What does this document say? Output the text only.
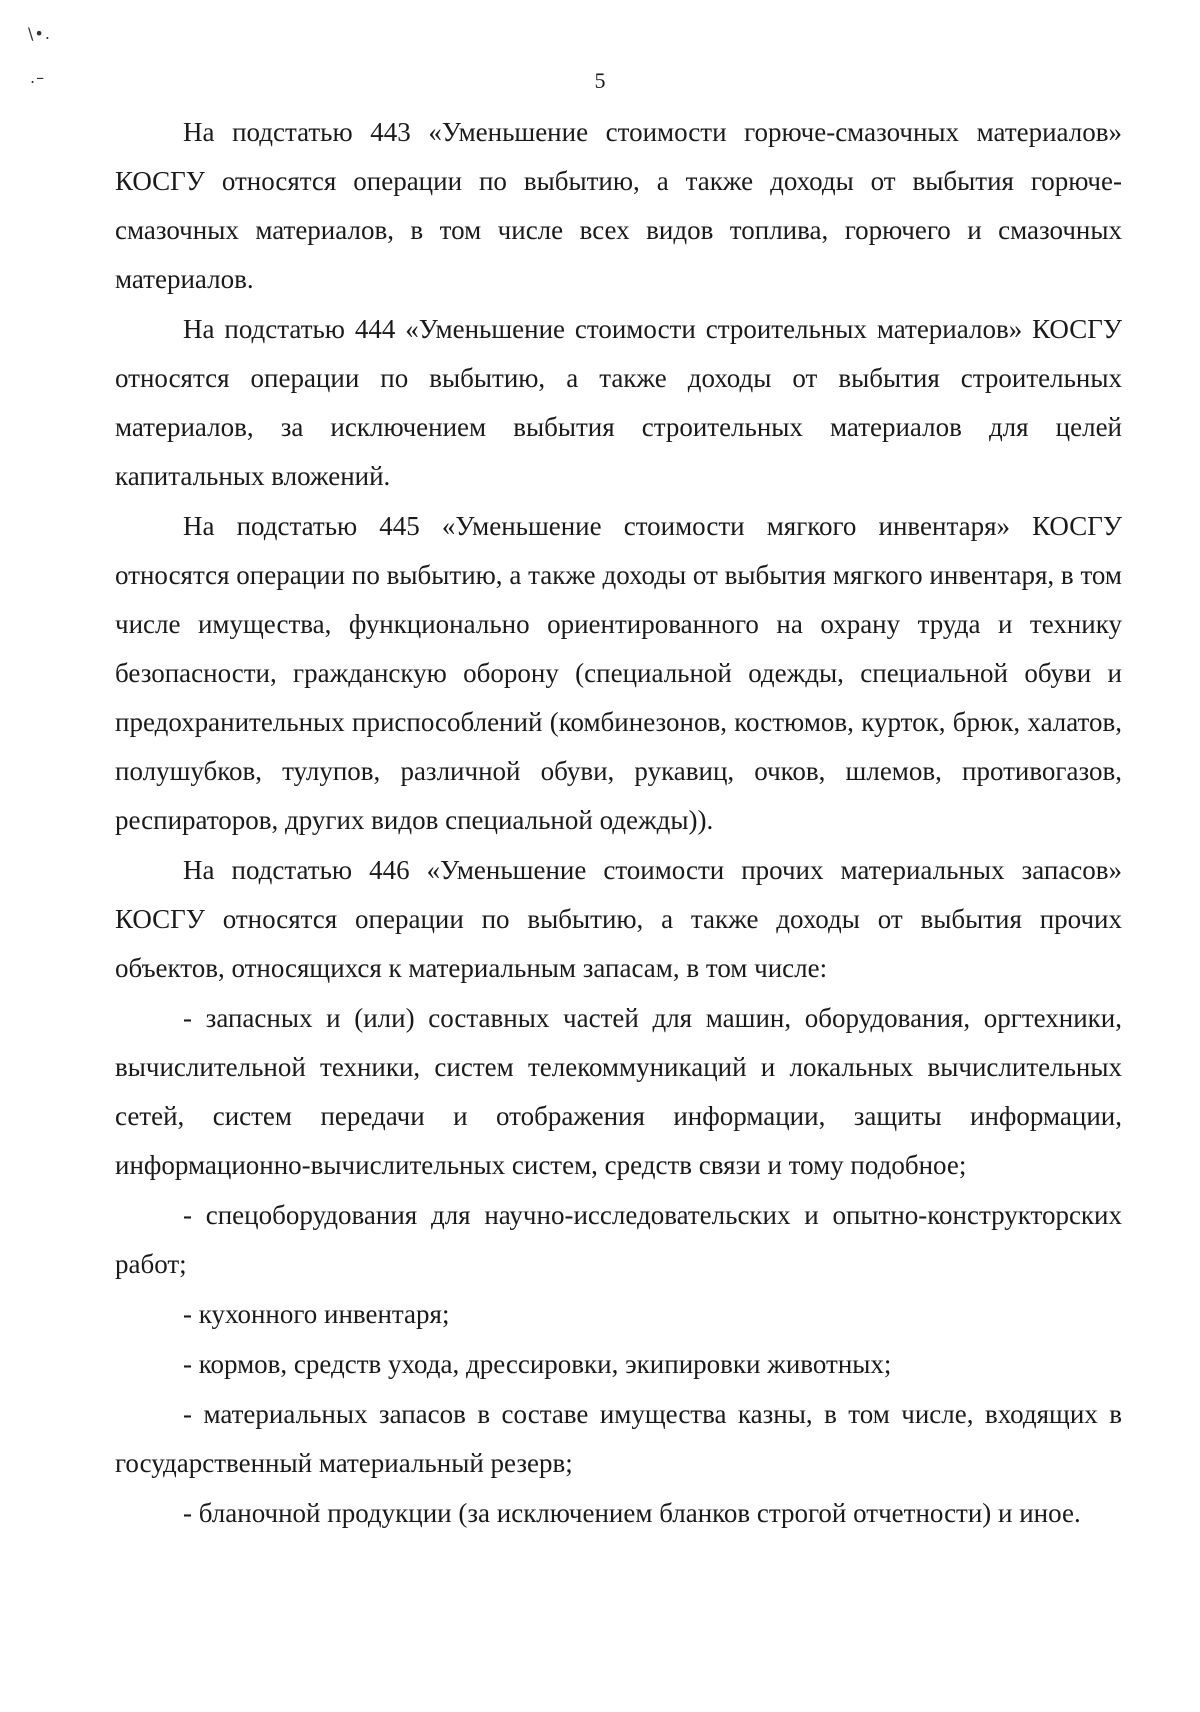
\•.
.–	5

На подстатью 443 «Уменьшение стоимости горюче-смазочных материалов» КОСГУ относятся операции по выбытию, а также доходы от выбытия горюче-смазочных материалов, в том числе всех видов топлива, горючего и смазочных материалов.

На подстатью 444 «Уменьшение стоимости строительных материалов» КОСГУ относятся операции по выбытию, а также доходы от выбытия строительных материалов, за исключением выбытия строительных материалов для целей капитальных вложений.

На подстатью 445 «Уменьшение стоимости мягкого инвентаря» КОСГУ относятся операции по выбытию, а также доходы от выбытия мягкого инвентаря, в том числе имущества, функционально ориентированного на охрану труда и технику безопасности, гражданскую оборону (специальной одежды, специальной обуви и предохранительных приспособлений (комбинезонов, костюмов, курток, брюк, халатов, полушубков, тулупов, различной обуви, рукавиц, очков, шлемов, противогазов, респираторов, других видов специальной одежды)).

На подстатью 446 «Уменьшение стоимости прочих материальных запасов» КОСГУ относятся операции по выбытию, а также доходы от выбытия прочих объектов, относящихся к материальным запасам, в том числе:

- запасных и (или) составных частей для машин, оборудования, оргтехники, вычислительной техники, систем телекоммуникаций и локальных вычислительных сетей, систем передачи и отображения информации, защиты информации, информационно-вычислительных систем, средств связи и тому подобное;

- спецоборудования для научно-исследовательских и опытно-конструкторских работ;

- кухонного инвентаря;

- кормов, средств ухода, дрессировки, экипировки животных;

- материальных запасов в составе имущества казны, в том числе, входящих в государственный материальный резерв;

- бланочной продукции (за исключением бланков строгой отчетности) и иное.
